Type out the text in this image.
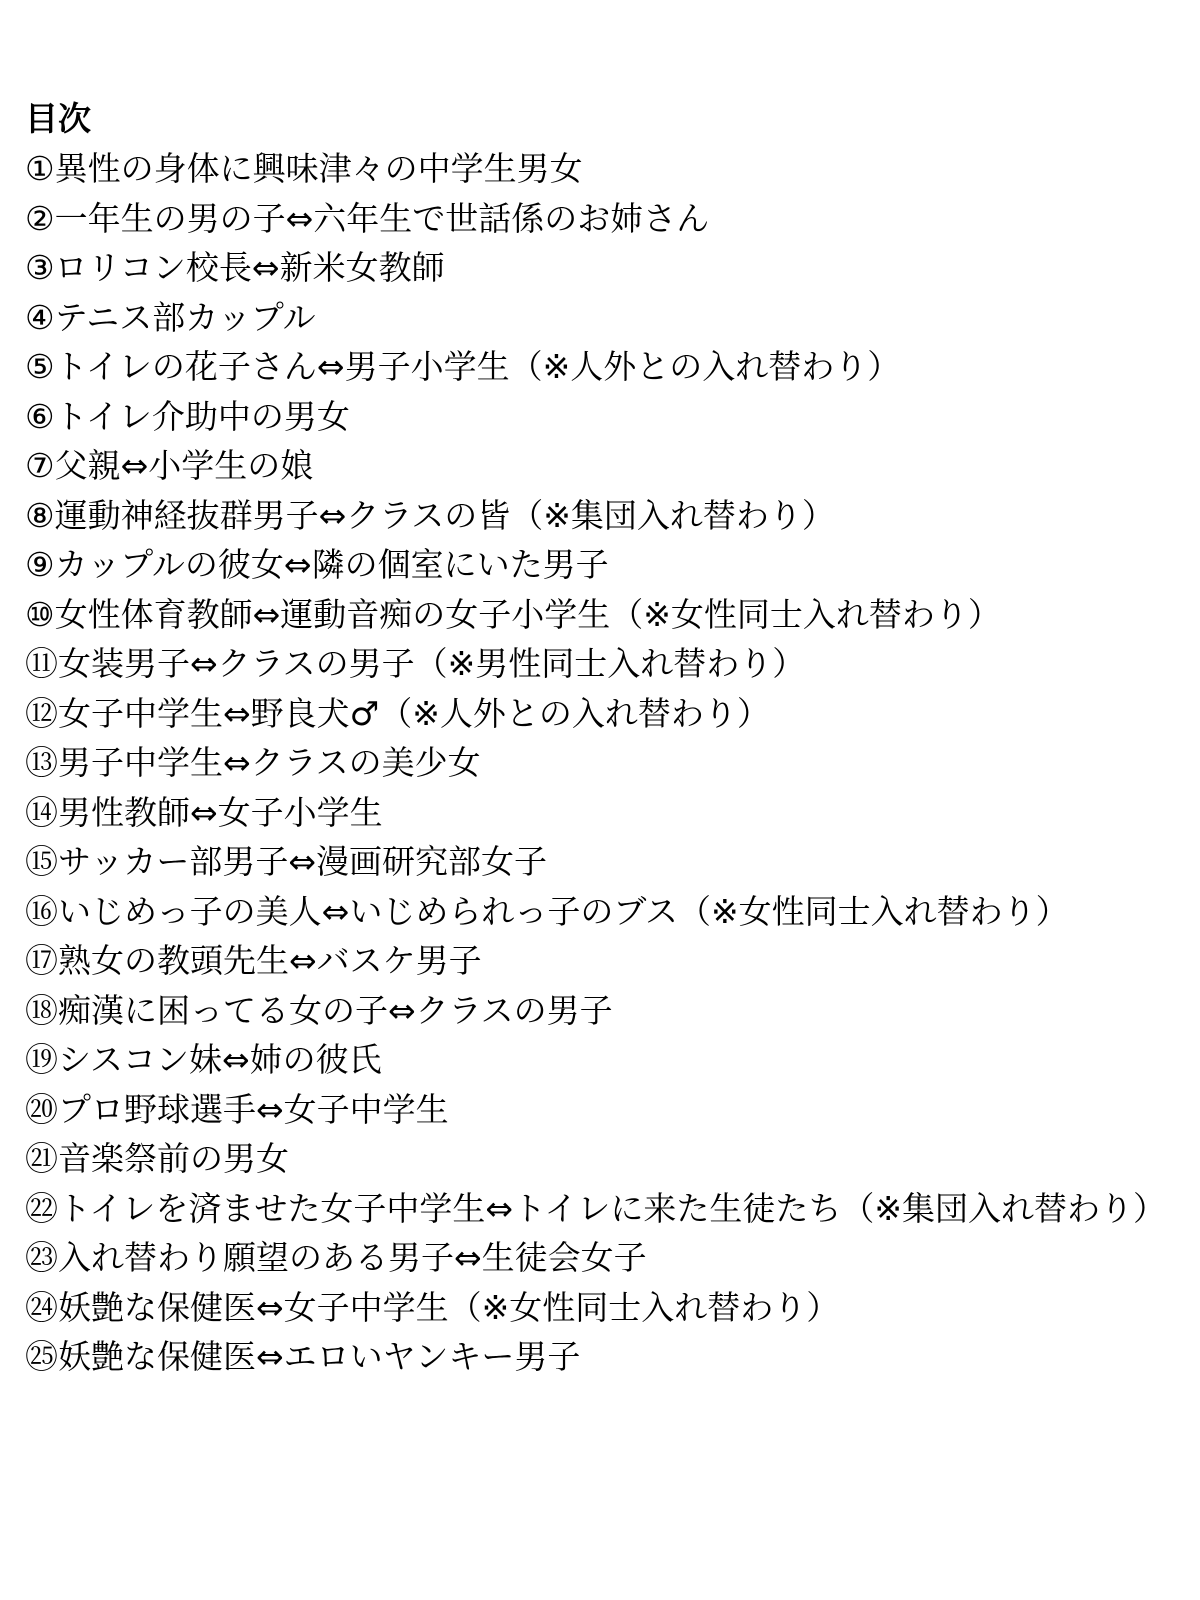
目次
①異性の身体に興味津々の中学生男女
②一年生の男の子⇔六年生で世話係のお姉さん
③ロリコン校長⇔新米女教師
④テニス部カップル
⑤トイレの花子さん⇔男子小学生（※人外との入れ替わり）
⑥トイレ介助中の男女
⑦父親⇔小学生の娘
⑧運動神経抜群男子⇔クラスの皆（※集団入れ替わり）
⑨カップルの彼女⇔隣の個室にいた男子
⑩女性体育教師⇔運動音痴の女子小学生（※女性同士入れ替わり）
⑪女装男子⇔クラスの男子（※男性同士入れ替わり）
⑫女子中学生⇔野良犬♂（※人外との入れ替わり）
⑬男子中学生⇔クラスの美少女
⑭男性教師⇔女子小学生
⑮サッカー部男子⇔漫画研究部女子
⑯いじめっ子の美人⇔いじめられっ子のブス（※女性同士入れ替わり）
⑰熟女の教頭先生⇔バスケ男子
⑱痴漢に困ってる女の子⇔クラスの男子
⑲シスコン妹⇔姉の彼氏
⑳プロ野球選手⇔女子中学生
㉑音楽祭前の男女
㉒トイレを済ませた女子中学生⇔トイレに来た生徒たち（※集団入れ替わり）
㉓入れ替わり願望のある男子⇔生徒会女子
㉔妖艶な保健医⇔女子中学生（※女性同士入れ替わり）
㉕妖艶な保健医⇔エロいヤンキー男子
